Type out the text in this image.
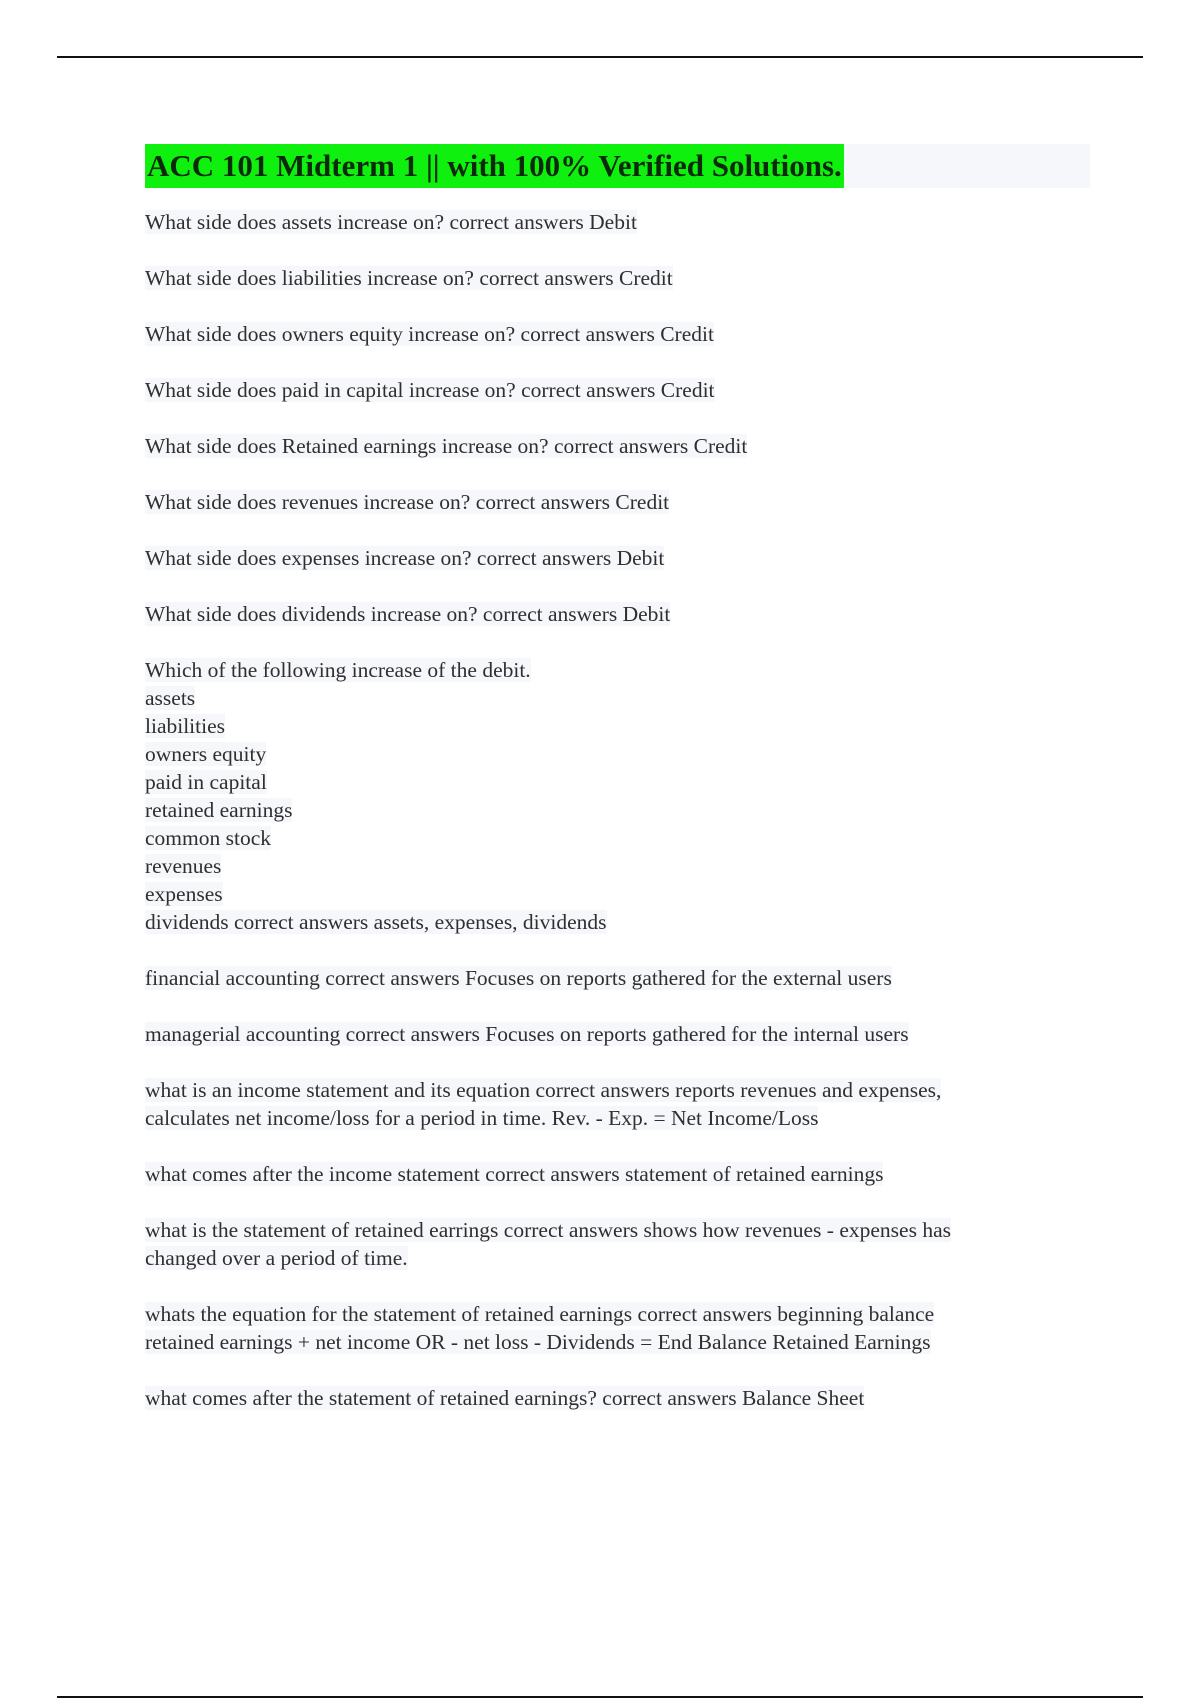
ACC 101 Midterm 1 || with 100% Verified Solutions.

What side does assets increase on? correct answers Debit

What side does liabilities increase on? correct answers Credit

What side does owners equity increase on? correct answers Credit

What side does paid in capital increase on? correct answers Credit

What side does Retained earnings increase on? correct answers Credit

What side does revenues increase on? correct answers Credit

What side does expenses increase on? correct answers Debit

What side does dividends increase on? correct answers Debit

Which of the following increase of the debit.
assets
liabilities
owners equity
paid in capital
retained earnings
common stock
revenues
expenses
dividends correct answers assets, expenses, dividends

financial accounting correct answers Focuses on reports gathered for the external users

managerial accounting correct answers Focuses on reports gathered for the internal users

what is an income statement and its equation correct answers reports revenues and expenses,
calculates net income/loss for a period in time. Rev. - Exp. = Net Income/Loss

what comes after the income statement correct answers statement of retained earnings

what is the statement of retained earrings correct answers shows how revenues - expenses has
changed over a period of time.

whats the equation for the statement of retained earnings correct answers beginning balance
retained earnings + net income OR - net loss - Dividends = End Balance Retained Earnings

what comes after the statement of retained earnings? correct answers Balance Sheet
